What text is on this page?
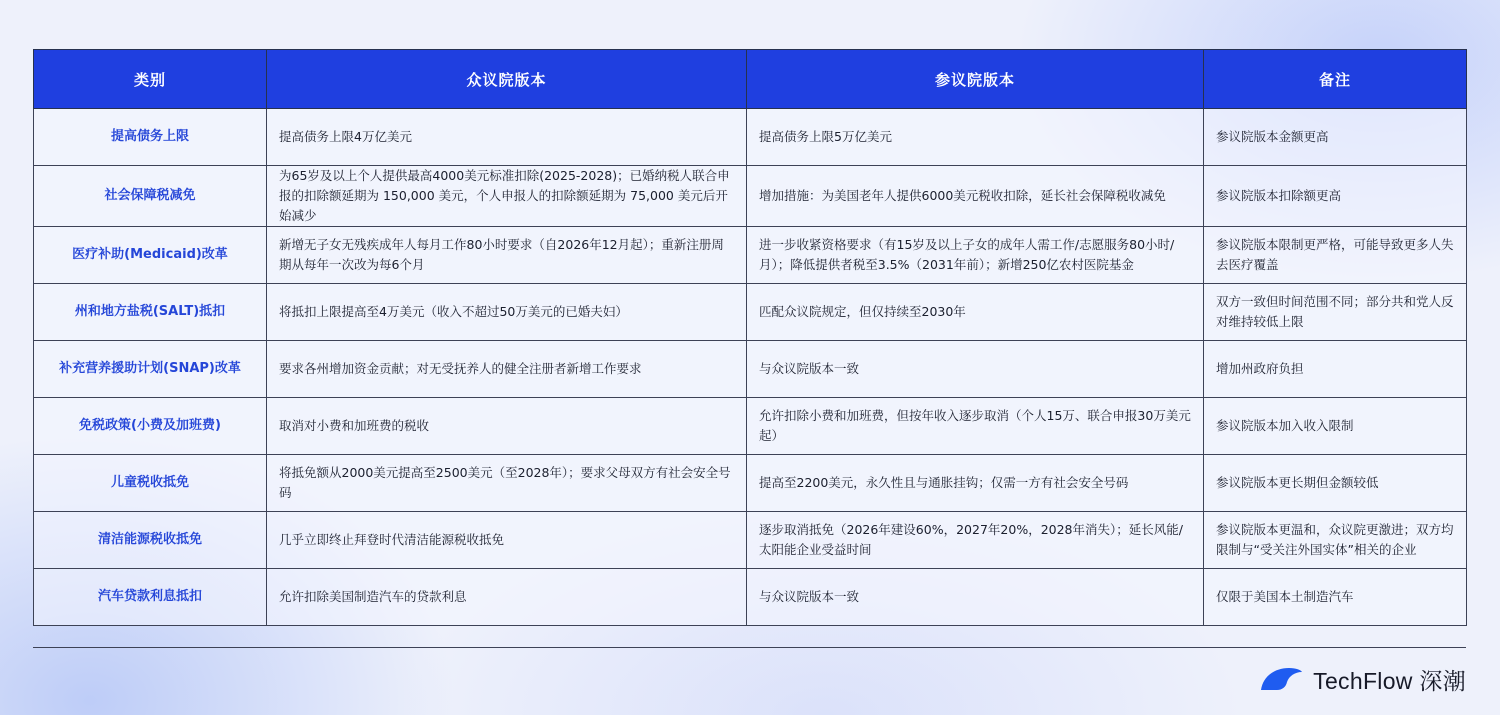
类别	众议院版本	参议院版本	备注
提高债务上限	提高债务上限4万亿美元	提高债务上限5万亿美元	参议院版本金额更高
社会保障税减免	为65岁及以上个人提供最高4000美元标准扣除(2025-2028)；已婚纳税人联合申报的扣除额延期为 150,000 美元，个人申报人的扣除额延期为 75,000 美元后开始减少	增加措施：为美国老年人提供6000美元税收扣除，延长社会保障税收减免	参议院版本扣除额更高
医疗补助(Medicaid)改革	新增无子女无残疾成年人每月工作80小时要求（自2026年12月起）；重新注册周期从每年一次改为每6个月	进一步收紧资格要求（有15岁及以上子女的成年人需工作/志愿服务80小时/月）；降低提供者税至3.5%（2031年前）；新增250亿农村医院基金	参议院版本限制更严格，可能导致更多人失去医疗覆盖
州和地方盐税(SALT)抵扣	将抵扣上限提高至4万美元（收入不超过50万美元的已婚夫妇）	匹配众议院规定，但仅持续至2030年	双方一致但时间范围不同；部分共和党人反对维持较低上限
补充营养援助计划(SNAP)改革	要求各州增加资金贡献；对无受抚养人的健全注册者新增工作要求	与众议院版本一致	增加州政府负担
免税政策(小费及加班费)	取消对小费和加班费的税收	允许扣除小费和加班费，但按年收入逐步取消（个人15万、联合申报30万美元起）	参议院版本加入收入限制
儿童税收抵免	将抵免额从2000美元提高至2500美元（至2028年）；要求父母双方有社会安全号码	提高至2200美元，永久性且与通胀挂钩；仅需一方有社会安全号码	参议院版本更长期但金额较低
清洁能源税收抵免	几乎立即终止拜登时代清洁能源税收抵免	逐步取消抵免（2026年建设60%，2027年20%，2028年消失）；延长风能/太阳能企业受益时间	参议院版本更温和，众议院更激进；双方均限制与“受关注外国实体”相关的企业
汽车贷款利息抵扣	允许扣除美国制造汽车的贷款利息	与众议院版本一致	仅限于美国本土制造汽车
TechFlow 深潮
